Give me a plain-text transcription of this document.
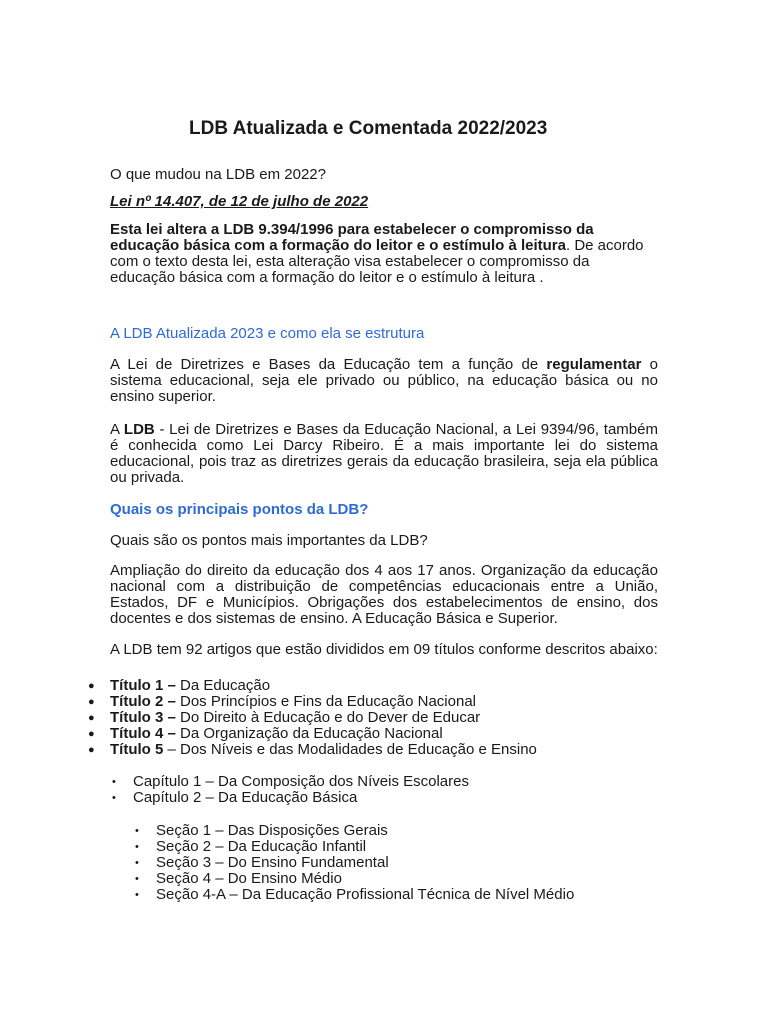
LDB Atualizada e Comentada 2022/2023

O que mudou na LDB em 2022?

Lei nº 14.407, de 12 de julho de 2022

Esta lei altera a LDB 9.394/1996 para estabelecer o compromisso da educação básica com a formação do leitor e o estímulo à leitura. De acordo com o texto desta lei, esta alteração visa estabelecer o compromisso da educação básica com a formação do leitor e o estímulo à leitura .

A LDB Atualizada 2023 e como ela se estrutura

A Lei de Diretrizes e Bases da Educação tem a função de regulamentar o sistema educacional, seja ele privado ou público, na educação básica ou no ensino superior.

A LDB - Lei de Diretrizes e Bases da Educação Nacional, a Lei 9394/96, também é conhecida como Lei Darcy Ribeiro. É a mais importante lei do sistema educacional, pois traz as diretrizes gerais da educação brasileira, seja ela pública ou privada.

Quais os principais pontos da LDB?

Quais são os pontos mais importantes da LDB?

Ampliação do direito da educação dos 4 aos 17 anos. Organização da educação nacional com a distribuição de competências educacionais entre a União, Estados, DF e Municípios. Obrigações dos estabelecimentos de ensino, dos docentes e dos sistemas de ensino. A Educação Básica e Superior.

A LDB tem 92 artigos que estão divididos em 09 títulos conforme descritos abaixo:

● Título 1 – Da Educação
● Título 2 – Dos Princípios e Fins da Educação Nacional
● Título 3 – Do Direito à Educação e do Dever de Educar
● Título 4 – Da Organização da Educação Nacional
● Título 5 – Dos Níveis e das Modalidades de Educação e Ensino
• Capítulo 1 – Da Composição dos Níveis Escolares
• Capítulo 2 – Da Educação Básica
• Seção 1 – Das Disposições Gerais
• Seção 2 – Da Educação Infantil
• Seção 3 – Do Ensino Fundamental
• Seção 4 – Do Ensino Médio
• Seção 4-A – Da Educação Profissional Técnica de Nível Médio
